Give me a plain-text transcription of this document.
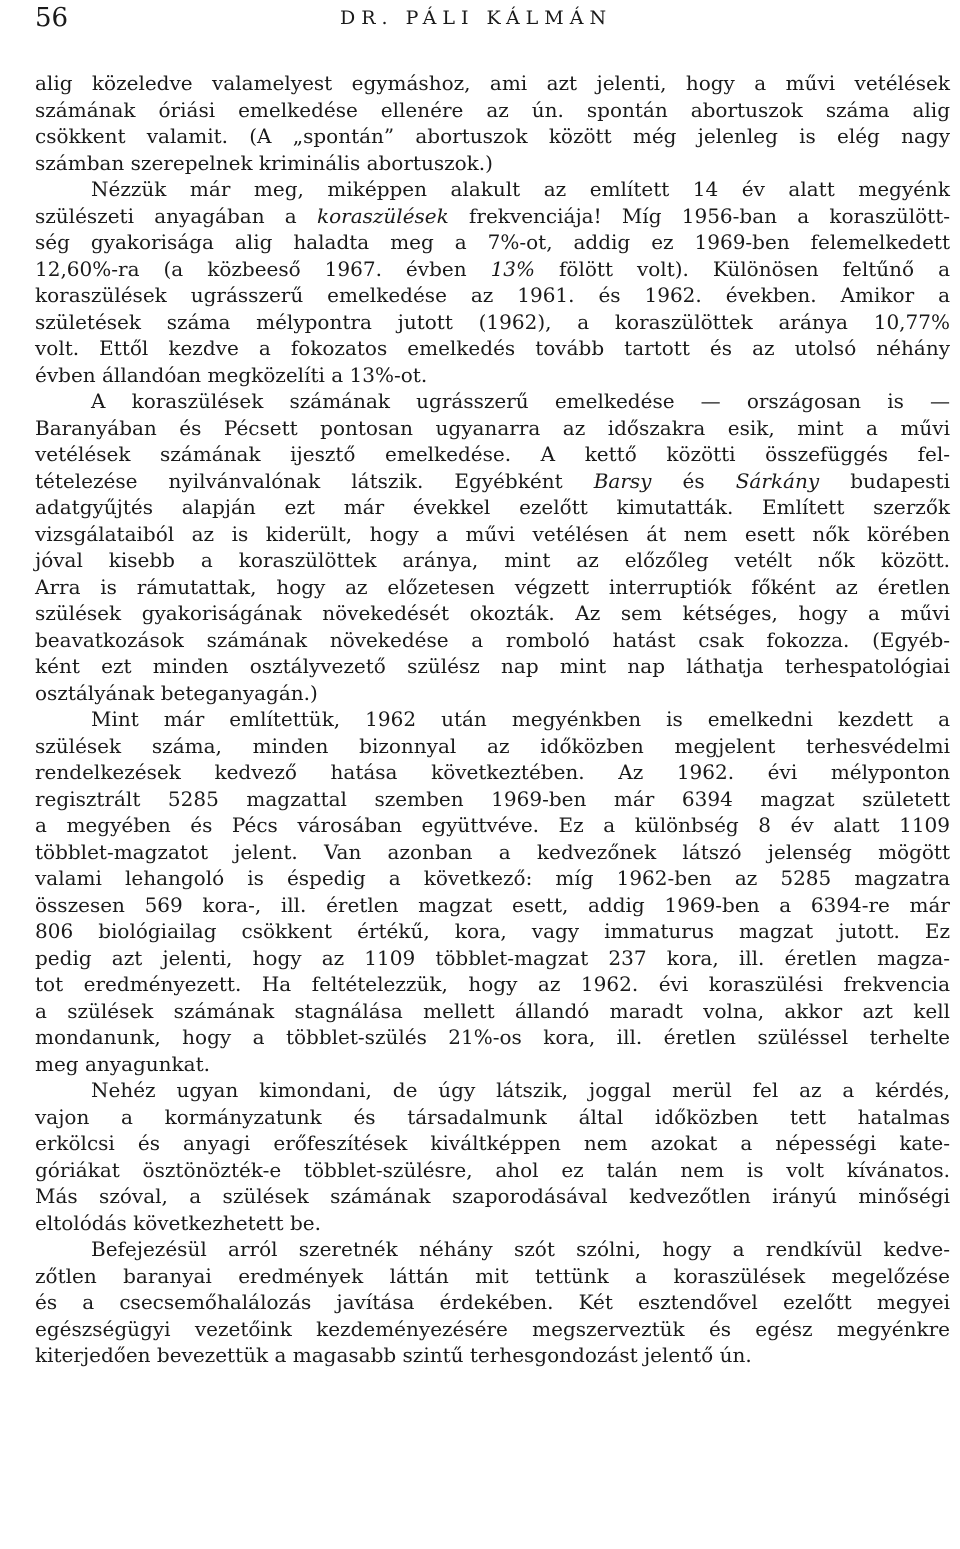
56	DR. PÁLI KÁLMÁN
alig közeledve valamelyest egymáshoz, ami azt jelenti, hogy a művi vetélések
számának óriási emelkedése ellenére az ún. spontán abortuszok száma alig
csökkent valamit. (A „spontán” abortuszok között még jelenleg is elég nagy
számban szerepelnek kriminális abortuszok.)
Nézzük már meg, miképpen alakult az említett 14 év alatt megyénk
szülészeti anyagában a koraszülések frekvenciája! Míg 1956-ban a koraszülött-
ség gyakorisága alig haladta meg a 7%-ot, addig ez 1969-ben felemelkedett
12,60%-ra (a közbeeső 1967. évben 13% fölött volt). Különösen feltűnő a
koraszülések ugrásszerű emelkedése az 1961. és 1962. években. Amikor a
születések száma mélypontra jutott (1962), a koraszülöttek aránya 10,77%
volt. Ettől kezdve a fokozatos emelkedés tovább tartott és az utolsó néhány
évben állandóan megközelíti a 13%-ot.
A koraszülések számának ugrásszerű emelkedése — országosan is —
Baranyában és Pécsett pontosan ugyanarra az időszakra esik, mint a művi
vetélések számának ijesztő emelkedése. A kettő közötti összefüggés fel-
tételezése nyilvánvalónak látszik. Egyébként Barsy és Sárkány budapesti
adatgyűjtés alapján ezt már évekkel ezelőtt kimutatták. Említett szerzők
vizsgálataiból az is kiderült, hogy a művi vetélésen át nem esett nők körében
jóval kisebb a koraszülöttek aránya, mint az előzőleg vetélt nők között.
Arra is rámutattak, hogy az előzetesen végzett interruptiók főként az éretlen
szülések gyakoriságának növekedését okozták. Az sem kétséges, hogy a művi
beavatkozások számának növekedése a romboló hatást csak fokozza. (Egyéb-
ként ezt minden osztályvezető szülész nap mint nap láthatja terhespatológiai
osztályának beteganyagán.)
Mint már említettük, 1962 után megyénkben is emelkedni kezdett a
szülések száma, minden bizonnyal az időközben megjelent terhesvédelmi
rendelkezések kedvező hatása következtében. Az 1962. évi mélyponton
regisztrált 5285 magzattal szemben 1969-ben már 6394 magzat született
a megyében és Pécs városában együttvéve. Ez a különbség 8 év alatt 1109
többlet-magzatot jelent. Van azonban a kedvezőnek látszó jelenség mögött
valami lehangoló is éspedig a következő: míg 1962-ben az 5285 magzatra
összesen 569 kora-, ill. éretlen magzat esett, addig 1969-ben a 6394-re már
806 biológiailag csökkent értékű, kora, vagy immaturus magzat jutott. Ez
pedig azt jelenti, hogy az 1109 többlet-magzat 237 kora, ill. éretlen magza-
tot eredményezett. Ha feltételezzük, hogy az 1962. évi koraszülési frekvencia
a szülések számának stagnálása mellett állandó maradt volna, akkor azt kell
mondanunk, hogy a többlet-szülés 21%-os kora, ill. éretlen szüléssel terhelte
meg anyagunkat.
Nehéz ugyan kimondani, de úgy látszik, joggal merül fel az a kérdés,
vajon a kormányzatunk és társadalmunk által időközben tett hatalmas
erkölcsi és anyagi erőfeszítések kiváltképpen nem azokat a népességi kate-
góriákat ösztönözték-e többlet-szülésre, ahol ez talán nem is volt kívánatos.
Más szóval, a szülések számának szaporodásával kedvezőtlen irányú minőségi
eltolódás következhetett be.
Befejezésül arról szeretnék néhány szót szólni, hogy a rendkívül kedve-
zőtlen baranyai eredmények láttán mit tettünk a koraszülések megelőzése
és a csecsemőhalálozás javítása érdekében. Két esztendővel ezelőtt megyei
egészségügyi vezetőink kezdeményezésére megszerveztük és egész megyénkre
kiterjedően bevezettük a magasabb szintű terhesgondozást jelentő ún.
